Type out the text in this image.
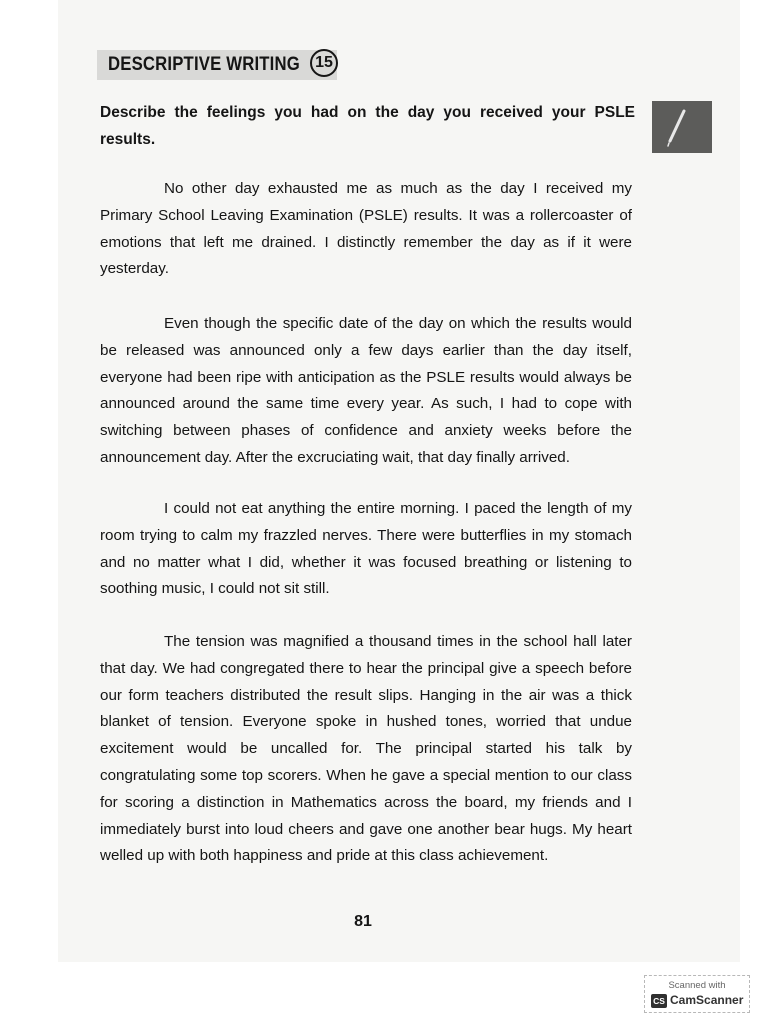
DESCRIPTIVE WRITING 15
Describe the feelings you had on the day you received your PSLE results.
No other day exhausted me as much as the day I received my Primary School Leaving Examination (PSLE) results. It was a rollercoaster of emotions that left me drained. I distinctly remember the day as if it were yesterday.
Even though the specific date of the day on which the results would be released was announced only a few days earlier than the day itself, everyone had been ripe with anticipation as the PSLE results would always be announced around the same time every year. As such, I had to cope with switching between phases of confidence and anxiety weeks before the announcement day. After the excruciating wait, that day finally arrived.
I could not eat anything the entire morning. I paced the length of my room trying to calm my frazzled nerves. There were butterflies in my stomach and no matter what I did, whether it was focused breathing or listening to soothing music, I could not sit still.
The tension was magnified a thousand times in the school hall later that day. We had congregated there to hear the principal give a speech before our form teachers distributed the result slips. Hanging in the air was a thick blanket of tension. Everyone spoke in hushed tones, worried that undue excitement would be uncalled for. The principal started his talk by congratulating some top scorers. When he gave a special mention to our class for scoring a distinction in Mathematics across the board, my friends and I immediately burst into loud cheers and gave one another bear hugs. My heart welled up with both happiness and pride at this class achievement.
81
Scanned with
CS CamScanner
